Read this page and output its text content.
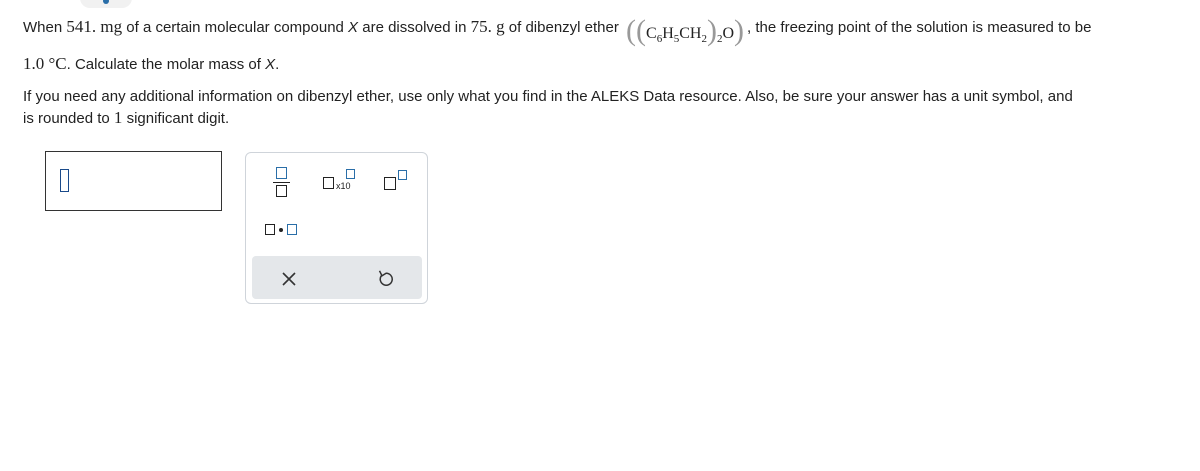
When 541. mg of a certain molecular compound X are dissolved in 75. g of dibenzyl ether $((C_6H_5CH_2)_2O)$ , the freezing point of the solution is measured to be
1.0 °C. Calculate the molar mass of X.
If you need any additional information on dibenzyl ether, use only what you find in the ALEKS Data resource. Also, be sure your answer has a unit symbol, and
is rounded to 1 significant digit.
x10
